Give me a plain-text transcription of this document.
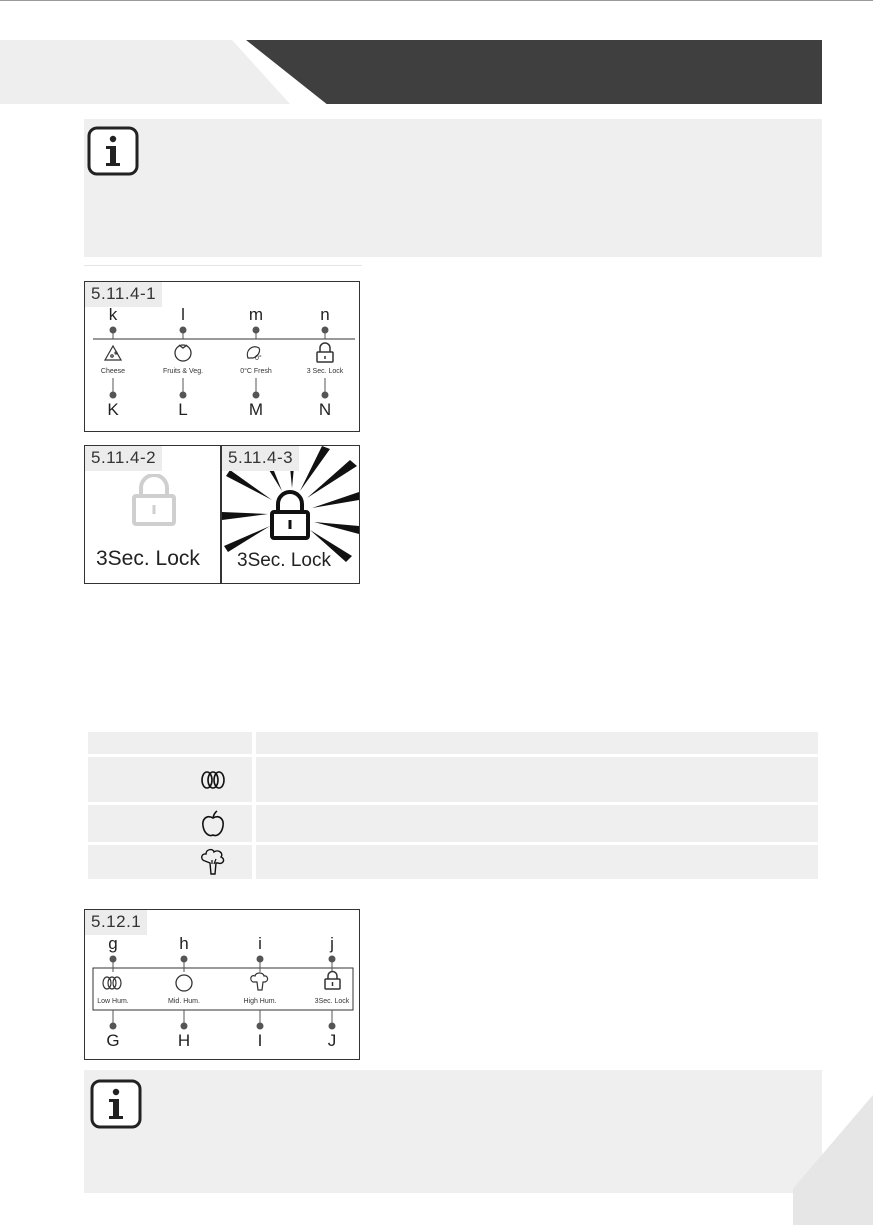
5.11.4-1
0°
k	l	m	n
Cheese	Fruits & Veg.	0°C Fresh	3 Sec. Lock
K	L	M	N
5.11.4-2
3Sec. Lock
5.11.4-3
3Sec. Lock
5.12.1
g	h	i	j
Low Hum.	Mid. Hum.	High Hum.	3Sec. Lock
G	H	I	J
